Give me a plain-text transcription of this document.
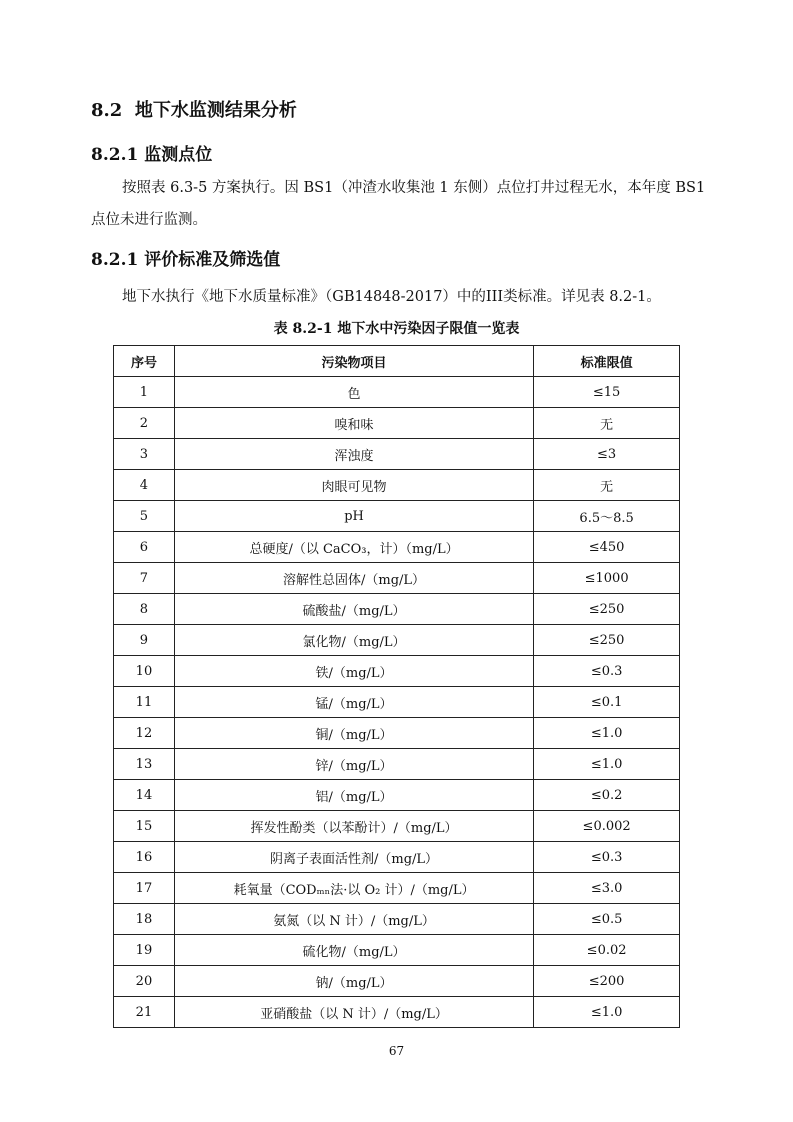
8.2 地下水监测结果分析
8.2.1 监测点位

按照表 6.3-5 方案执行。因 BS1（冲渣水收集池 1 东侧）点位打井过程无水，本年度 BS1 点位未进行监测。

8.2.1 评价标准及筛选值

地下水执行《地下水质量标准》（GB14848-2017）中的III类标准。详见表 8.2-1。

表 8.2-1 地下水中污染因子限值一览表
序号	污染物项目	标准限值
1	色	≤15
2	嗅和味	无
3	浑浊度	≤3
4	肉眼可见物	无
5	pH	6.5～8.5
6	总硬度/（以 CaCO₃，计）（mg/L）	≤450
7	溶解性总固体/（mg/L）	≤1000
8	硫酸盐/（mg/L）	≤250
9	氯化物/（mg/L）	≤250
10	铁/（mg/L）	≤0.3
11	锰/（mg/L）	≤0.1
12	铜/（mg/L）	≤1.0
13	锌/（mg/L）	≤1.0
14	铝/（mg/L）	≤0.2
15	挥发性酚类（以苯酚计）/（mg/L）	≤0.002
16	阴离子表面活性剂/（mg/L）	≤0.3
17	耗氧量（CODₘₙ法·以 O₂ 计）/（mg/L）	≤3.0
18	氨氮（以 N 计）/（mg/L）	≤0.5
19	硫化物/（mg/L）	≤0.02
20	钠/（mg/L）	≤200
21	亚硝酸盐（以 N 计）/（mg/L）	≤1.0
67
